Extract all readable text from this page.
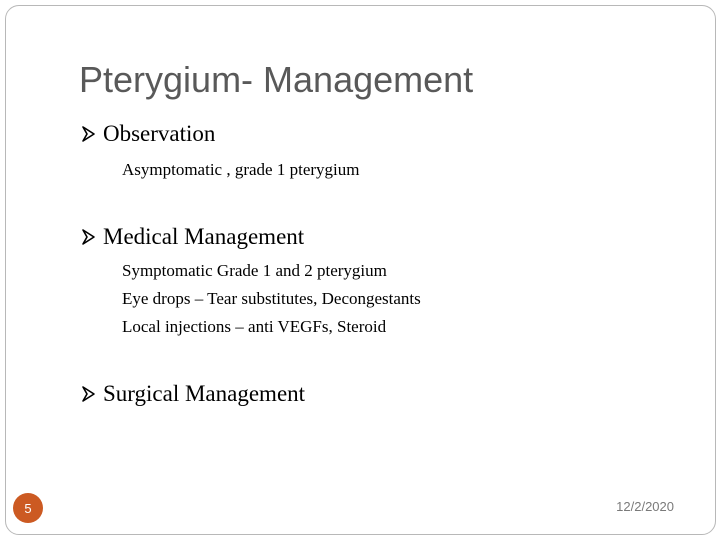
Pterygium- Management
Observation
Asymptomatic , grade 1 pterygium
Medical Management
Symptomatic Grade 1 and 2 pterygium
Eye drops – Tear substitutes, Decongestants
Local injections – anti VEGFs, Steroid
Surgical Management
5	12/2/2020
